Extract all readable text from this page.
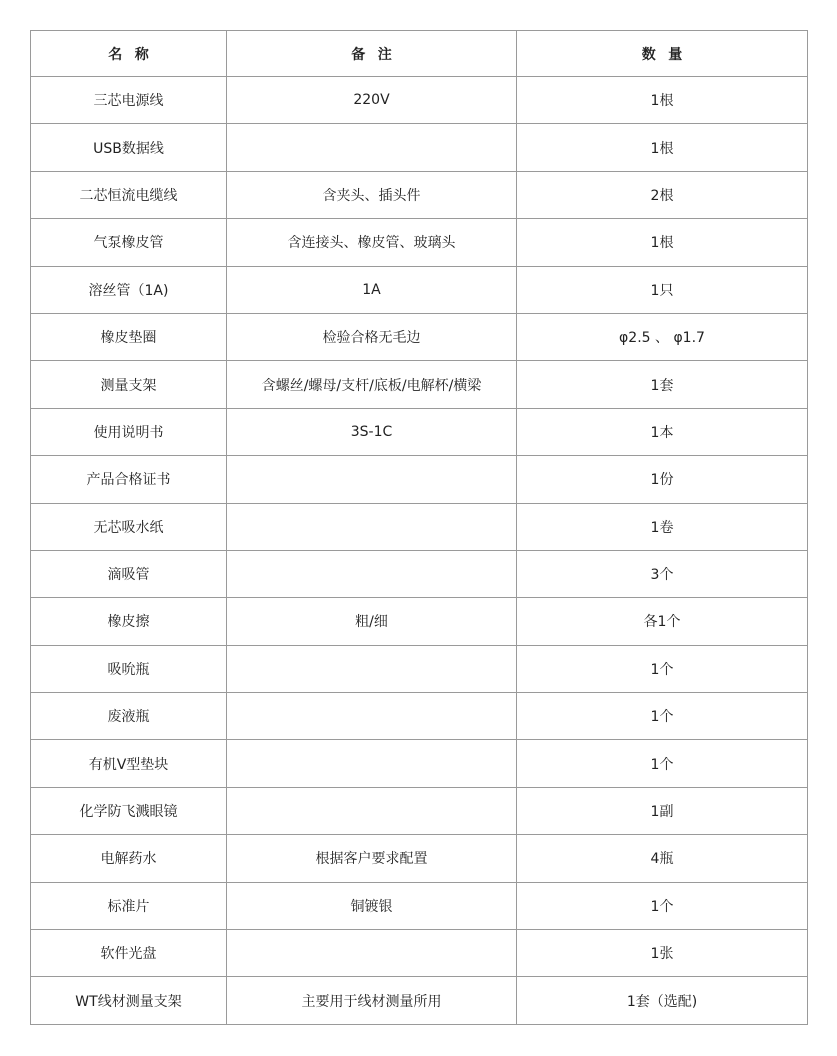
名称	备注	数量
三芯电源线	220V	1根
USB数据线		1根
二芯恒流电缆线	含夹头、插头件	2根
气泵橡皮管	含连接头、橡皮管、玻璃头	1根
溶丝管（1A)	1A	1只
橡皮垫圈	检验合格无毛边	φ2.5 、 φ1.7
测量支架	含螺丝/螺母/支杆/底板/电解杯/横梁	1套
使用说明书	3S-1C	1本
产品合格证书		1份
无芯吸水纸		1卷
滴吸管		3个
橡皮擦	粗/细	各1个
吸吮瓶		1个
废液瓶		1个
有机V型垫块		1个
化学防飞溅眼镜		1副
电解药水	根据客户要求配置	4瓶
标准片	铜镀银	1个
软件光盘		1张
WT线材测量支架	主要用于线材测量所用	1套（选配)
